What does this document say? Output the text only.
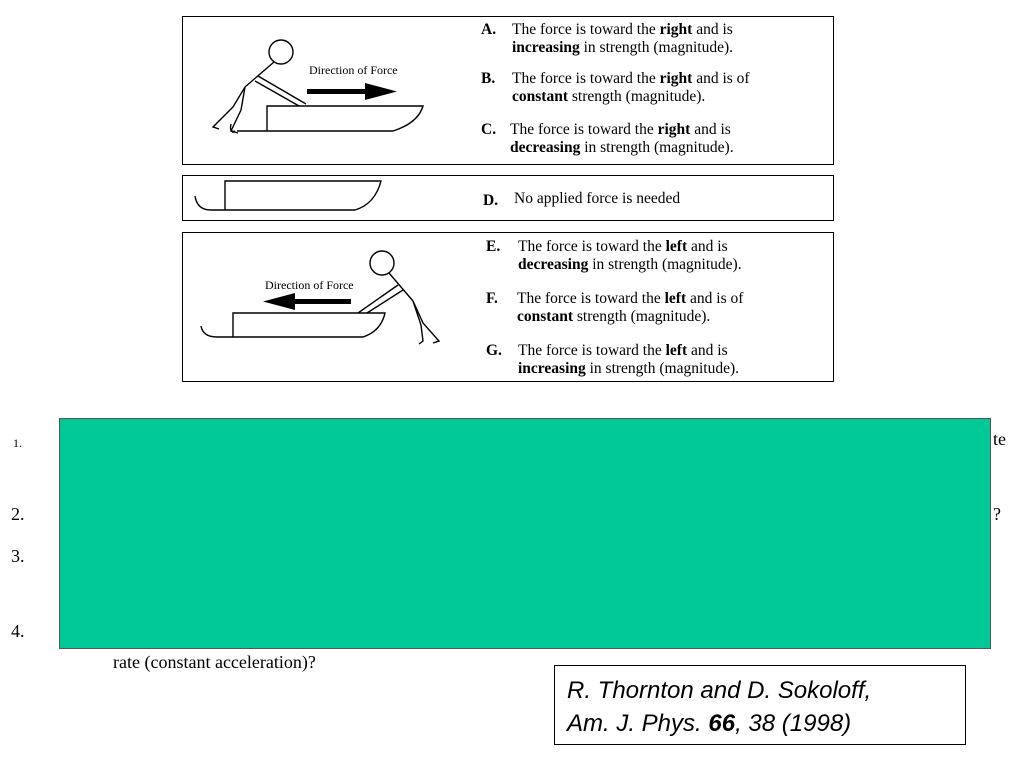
Direction of Force
A.	The force is toward the right and is
increasing in strength (magnitude).
B.	The force is toward the right and is of
constant strength (magnitude).
C. The force is toward the right and is
decreasing in strength (magnitude).
D.	No applied force is needed
Direction of Force
E.	The force is toward the left and is
decreasing in strength (magnitude).
F.	The force is toward the left and is of
constant strength (magnitude).
G.	The force is toward the left and is
increasing in strength (magnitude).
1.
2.
3.
4.
te
?
rate (constant acceleration)?
R. Thornton and D. Sokoloff,
Am. J. Phys. 66, 38 (1998)
